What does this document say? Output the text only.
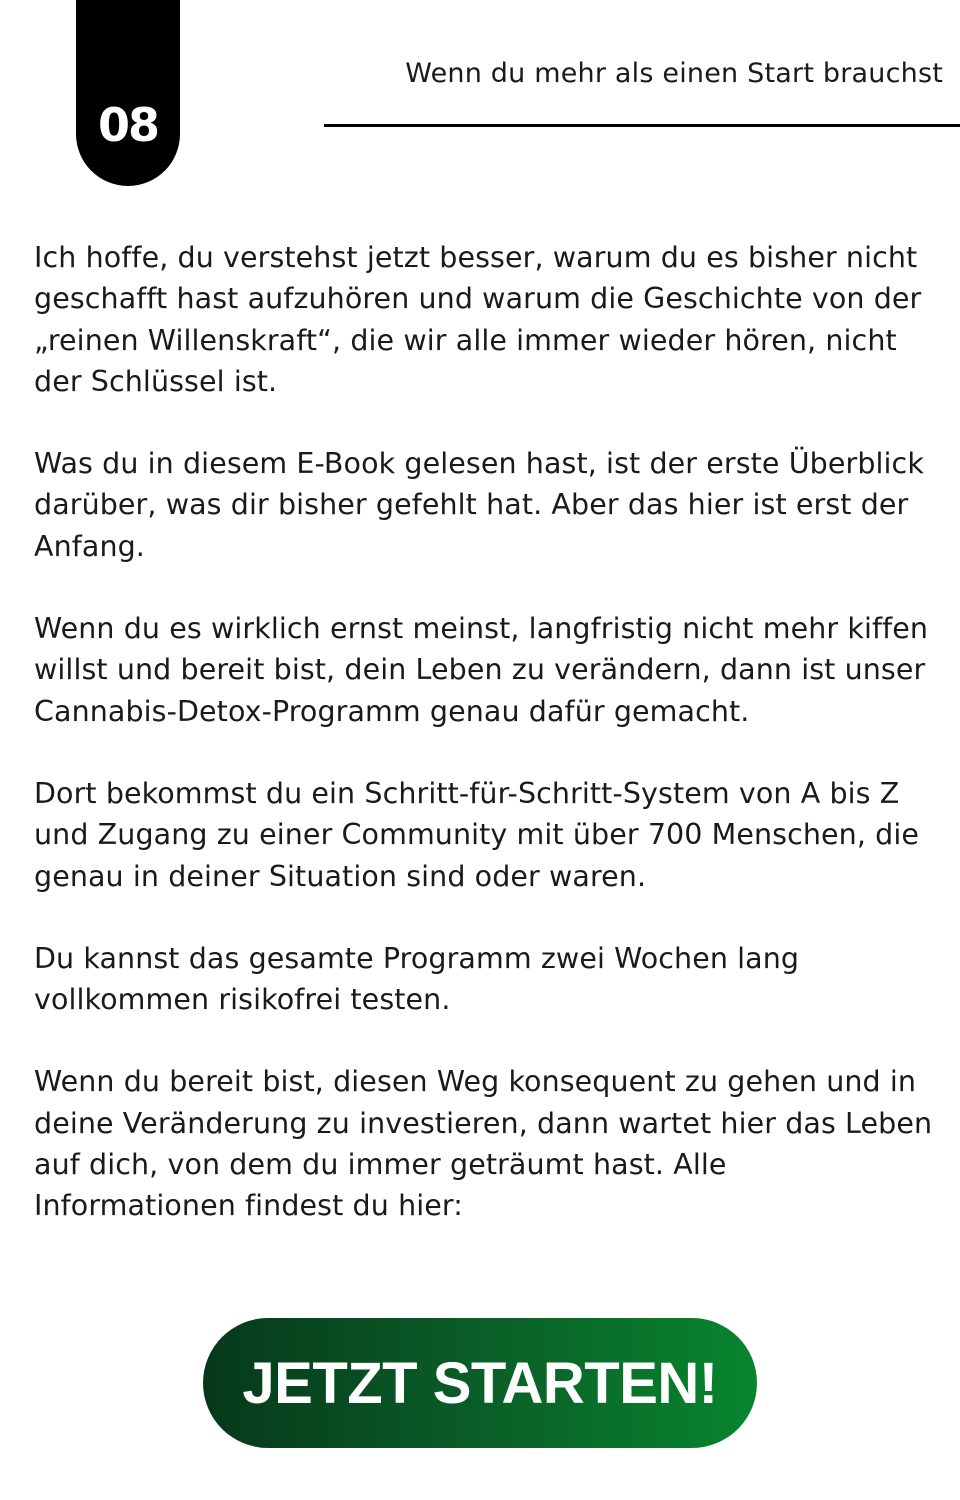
08
Wenn du mehr als einen Start brauchst

Ich hoffe, du verstehst jetzt besser, warum du es bisher nicht geschafft hast aufzuhören und warum die Geschichte von der „reinen Willenskraft“, die wir alle immer wieder hören, nicht der Schlüssel ist.

Was du in diesem E-Book gelesen hast, ist der erste Überblick darüber, was dir bisher gefehlt hat. Aber das hier ist erst der Anfang.

Wenn du es wirklich ernst meinst, langfristig nicht mehr kiffen willst und bereit bist, dein Leben zu verändern, dann ist unser Cannabis-Detox-Programm genau dafür gemacht.

Dort bekommst du ein Schritt-für-Schritt-System von A bis Z und Zugang zu einer Community mit über 700 Menschen, die genau in deiner Situation sind oder waren.

Du kannst das gesamte Programm zwei Wochen lang vollkommen risikofrei testen.

Wenn du bereit bist, diesen Weg konsequent zu gehen und in deine Veränderung zu investieren, dann wartet hier das Leben auf dich, von dem du immer geträumt hast. Alle Informationen findest du hier:

JETZT STARTEN!
